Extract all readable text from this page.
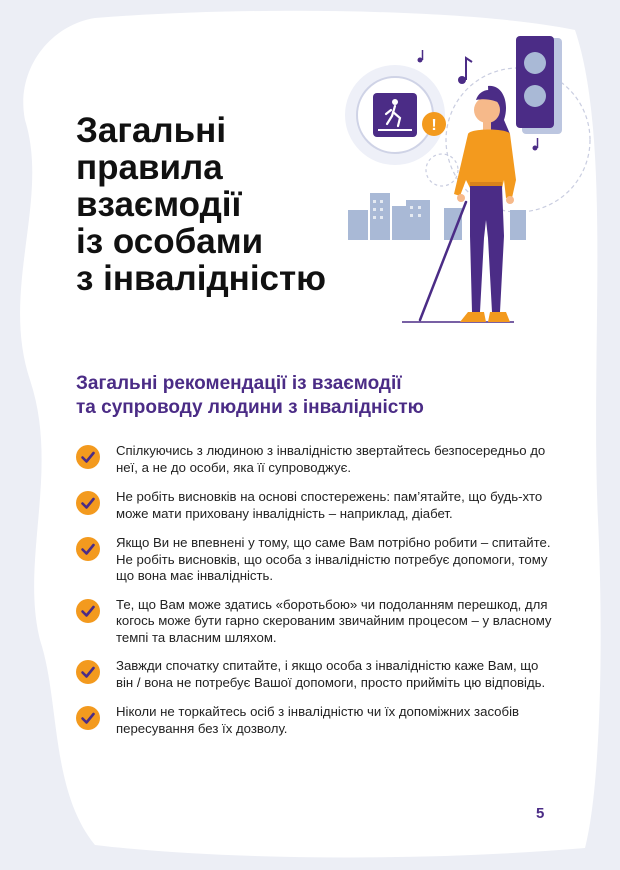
Загальні
правила
взаємодії
із особами
з інвалідністю
!
Загальні рекомендації із взаємодії
та супроводу людини з інвалідністю
Спілкуючись з людиною з інвалідністю звертайтесь безпосередньо до неї, а не до особи, яка її супроводжує.
Не робіть висновків на основі спостережень: пам’ятайте, що будь-хто може мати приховану інвалідність – наприклад, діабет.
Якщо Ви не впевнені у тому, що саме Вам потрібно робити – спитайте. Не робіть висновків, що особа з інвалідністю потребує допомоги, тому що вона має інвалідність.
Те, що Вам може здатись «боротьбою» чи подоланням перешкод, для когось може бути гарно скерованим звичайним процесом – у власному темпі та власним шляхом.
Завжди спочатку спитайте, і якщо особа з інвалідністю каже Вам, що він / вона не потребує Вашої допомоги, просто прийміть цю відповідь.
Ніколи не торкайтесь осіб з інвалідністю чи їх допоміжних засобів пересування без їх дозволу.
5
